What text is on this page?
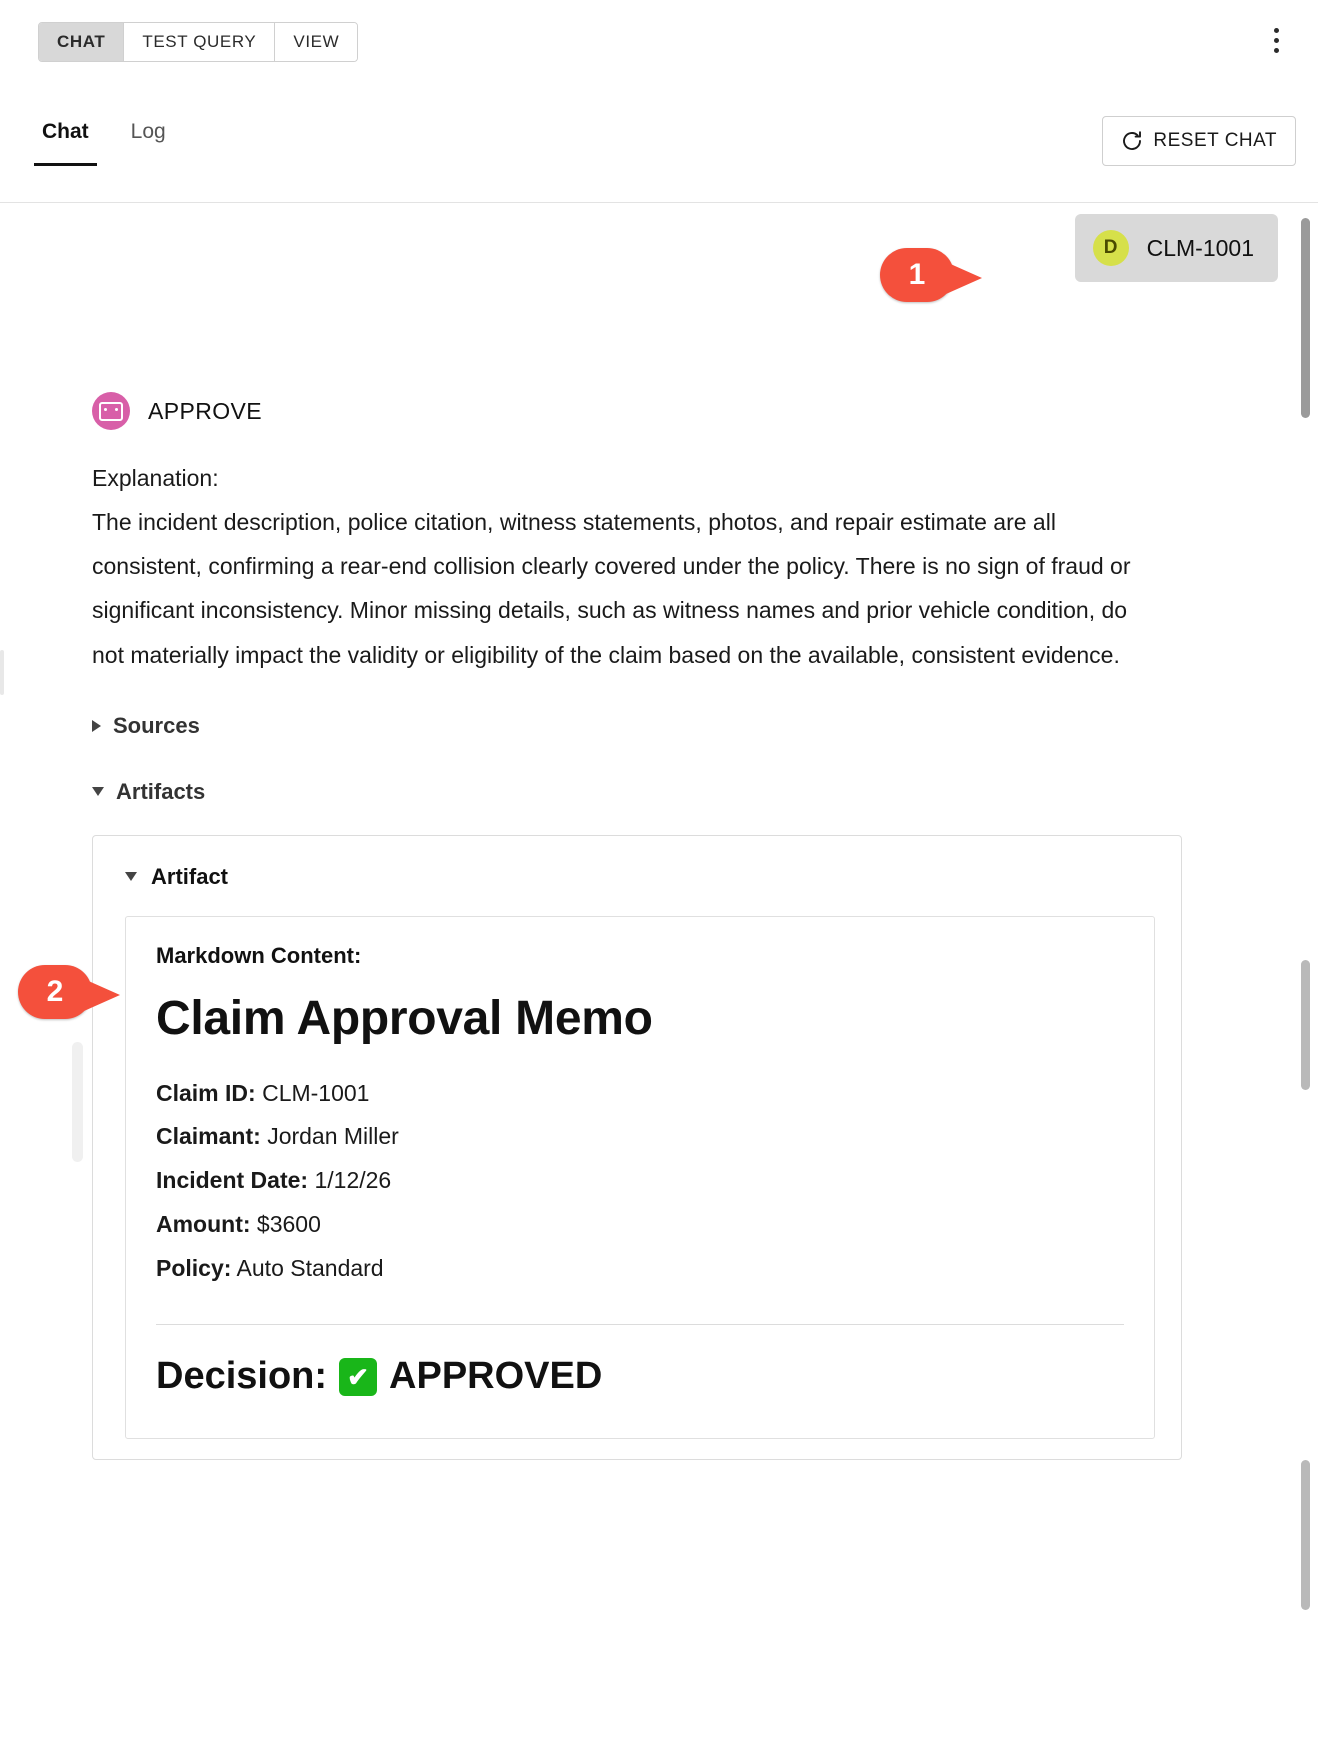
CHAT	TEST QUERY	VIEW
Chat Log	RESET CHAT
D	CLM-1001
APPROVE

Explanation:

The incident description, police citation, witness statements, photos, and repair estimate are all consistent, confirming a rear-end collision clearly covered under the policy. There is no sign of fraud or significant inconsistency. Minor missing details, such as witness names and prior vehicle condition, do not materially impact the validity or eligibility of the claim based on the available, consistent evidence.

Sources
Artifacts
Artifact

Markdown Content:

Claim Approval Memo
Claim ID: CLM-1001
Claimant: Jordan Miller
Incident Date: 1/12/26
Amount: $3600
Policy: Auto Standard
Decision: ✔ APPROVED
1
2
